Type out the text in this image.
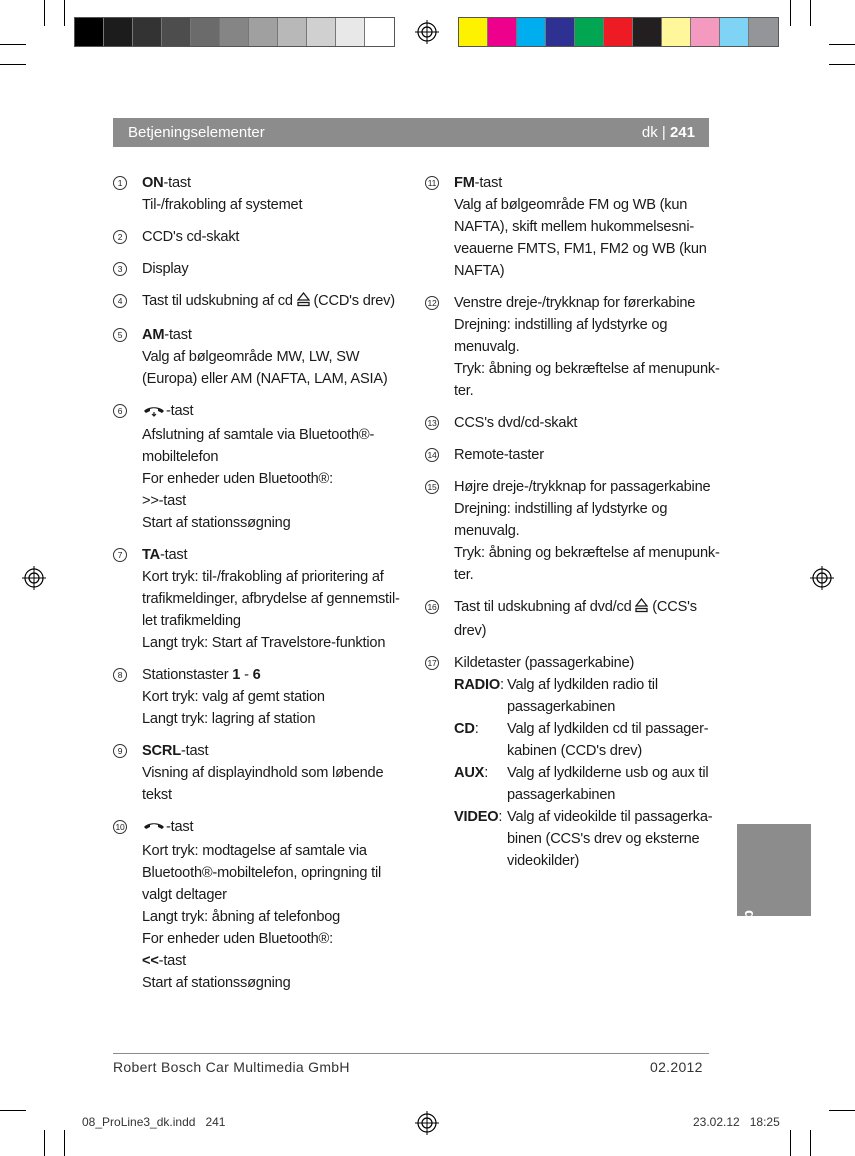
Betjeningselementer	dk | 241
1	ON-tast
Til-/frakobling af systemet
2	CCD's cd-skakt
3	Display
4	Tast til udskubning af cd  (CCD's drev)
5	AM-tast
Valg af bølgeområde MW, LW, SW
(Europa) eller AM (NAFTA, LAM, ASIA)
6	-tast
Afslutning af samtale via Bluetooth®-
mobiltelefon
For enheder uden Bluetooth®:
>>-tast
Start af stationssøgning
7	TA-tast
Kort tryk: til-/frakobling af prioritering af
trafikmeldinger, afbrydelse af gennemstil-
let trafikmelding
Langt tryk: Start af Travelstore-funktion
8	Stationstaster 1 - 6
Kort tryk: valg af gemt station
Langt tryk: lagring af station
9	SCRL-tast
Visning af displayindhold som løbende
tekst
10	-tast
Kort tryk: modtagelse af samtale via
Bluetooth®-mobiltelefon, opringning til
valgt deltager
Langt tryk: åbning af telefonbog
For enheder uden Bluetooth®:
<<-tast
Start af stationssøgning
11 FM-tast
Valg af bølgeområde FM og WB (kun
NAFTA), skift mellem hukommelsesni-
veauerne FMTS, FM1, FM2 og WB (kun
NAFTA)
12 Venstre dreje-/trykknap for førerkabine
Drejning: indstilling af lydstyrke og
menuvalg.
Tryk: åbning og bekræftelse af menupunk-
ter.
13 CCS's dvd/cd-skakt
14 Remote-taster
15 Højre dreje-/trykknap for passagerkabine
Drejning: indstilling af lydstyrke og
menuvalg.
Tryk: åbning og bekræftelse af menupunk-
ter.
16 Tast til udskubning af dvd/cd  (CCS's
drev)
17 Kildetaster (passagerkabine)
RADIO: Valg af lydkilden radio til
passagerkabinen
CD:	Valg af lydkilden cd til passager-
kabinen (CCD's drev)
AUX:	Valg af lydkilderne usb og aux til
passagerkabinen
VIDEO: Valg af videokilde til passagerka-
binen (CCS's drev og eksterne
videokilder)
dk
Robert Bosch Car Multimedia GmbH	02.2012
08_ProLine3_dk.indd 241	23.02.12 18:25
